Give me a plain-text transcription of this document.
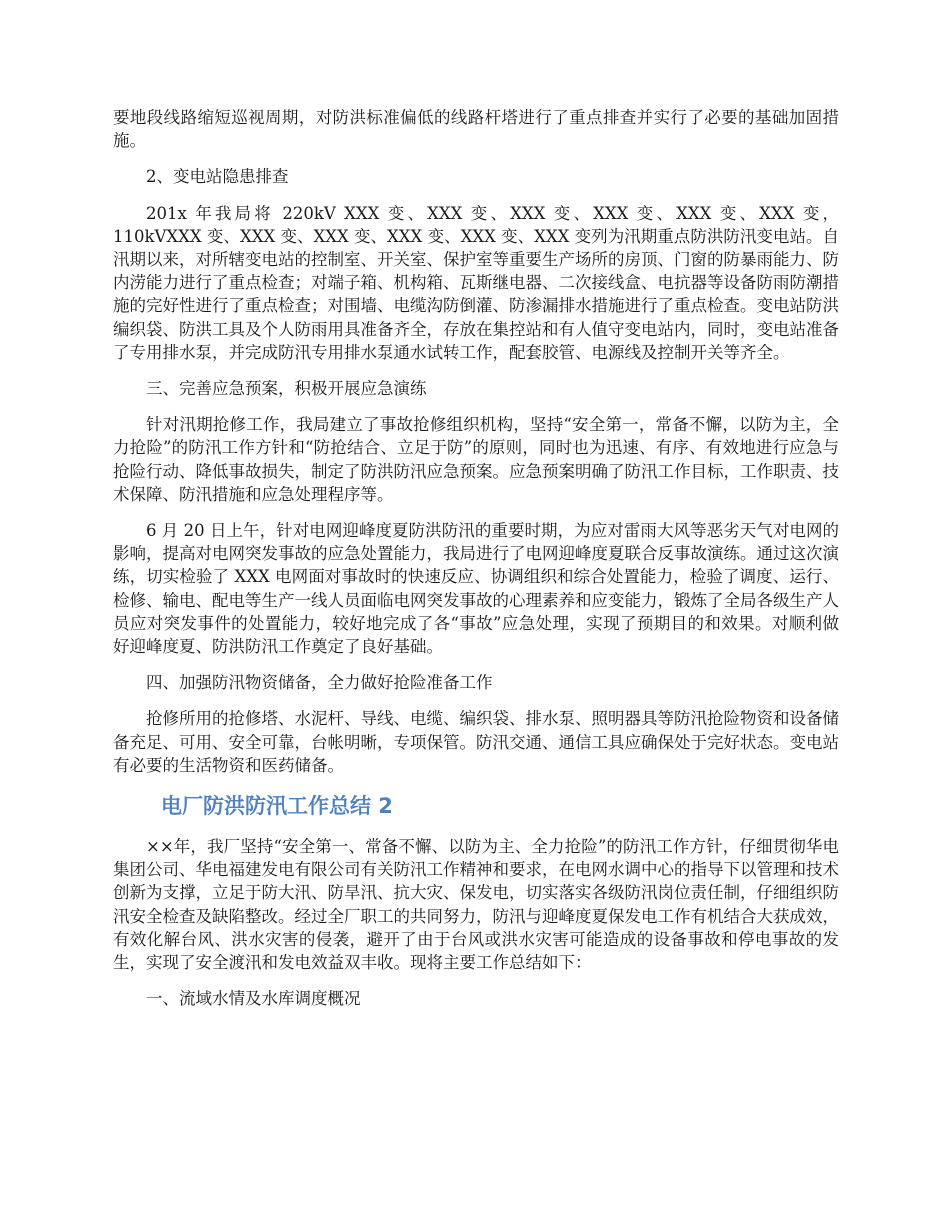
要地段线路缩短巡视周期，对防洪标准偏低的线路杆塔进行了重点排查并实行了必要的基础加固措施。

2、变电站隐患排查

201x 年我局将 220kV XXX 变、XXX 变、XXX 变、XXX 变、XXX 变、XXX 变，110kVXXX 变、XXX 变、XXX 变、XXX 变、XXX 变、XXX 变列为汛期重点防洪防汛变电站。自汛期以来，对所辖变电站的控制室、开关室、保护室等重要生产场所的房顶、门窗的防暴雨能力、防内涝能力进行了重点检查；对端子箱、机构箱、瓦斯继电器、二次接线盒、电抗器等设备防雨防潮措施的完好性进行了重点检查；对围墙、电缆沟防倒灌、防渗漏排水措施进行了重点检查。变电站防洪编织袋、防洪工具及个人防雨用具准备齐全，存放在集控站和有人值守变电站内，同时，变电站准备了专用排水泵，并完成防汛专用排水泵通水试转工作，配套胶管、电源线及控制开关等齐全。

三、完善应急预案，积极开展应急演练

针对汛期抢修工作，我局建立了事故抢修组织机构，坚持“安全第一，常备不懈，以防为主，全力抢险”的防汛工作方针和“防抢结合、立足于防”的原则，同时也为迅速、有序、有效地进行应急与抢险行动、降低事故损失，制定了防洪防汛应急预案。应急预案明确了防汛工作目标，工作职责、技术保障、防汛措施和应急处理程序等。

6 月 20 日上午，针对电网迎峰度夏防洪防汛的重要时期，为应对雷雨大风等恶劣天气对电网的影响，提高对电网突发事故的应急处置能力，我局进行了电网迎峰度夏联合反事故演练。通过这次演练，切实检验了 XXX 电网面对事故时的快速反应、协调组织和综合处置能力，检验了调度、运行、检修、输电、配电等生产一线人员面临电网突发事故的心理素养和应变能力，锻炼了全局各级生产人员应对突发事件的处置能力，较好地完成了各“事故”应急处理，实现了预期目的和效果。对顺利做好迎峰度夏、防洪防汛工作奠定了良好基础。

四、加强防汛物资储备，全力做好抢险准备工作

抢修所用的抢修塔、水泥杆、导线、电缆、编织袋、排水泵、照明器具等防汛抢险物资和设备储备充足、可用、安全可靠，台帐明晰，专项保管。防汛交通、通信工具应确保处于完好状态。变电站有必要的生活物资和医药储备。

电厂防洪防汛工作总结 2

××年，我厂坚持“安全第一、常备不懈、以防为主、全力抢险”的防汛工作方针，仔细贯彻华电集团公司、华电福建发电有限公司有关防汛工作精神和要求，在电网水调中心的指导下以管理和技术创新为支撑，立足于防大汛、防旱汛、抗大灾、保发电，切实落实各级防汛岗位责任制，仔细组织防汛安全检查及缺陷整改。经过全厂职工的共同努力，防汛与迎峰度夏保发电工作有机结合大获成效，有效化解台风、洪水灾害的侵袭，避开了由于台风或洪水灾害可能造成的设备事故和停电事故的发生，实现了安全渡汛和发电效益双丰收。现将主要工作总结如下：

一、流域水情及水库调度概况
